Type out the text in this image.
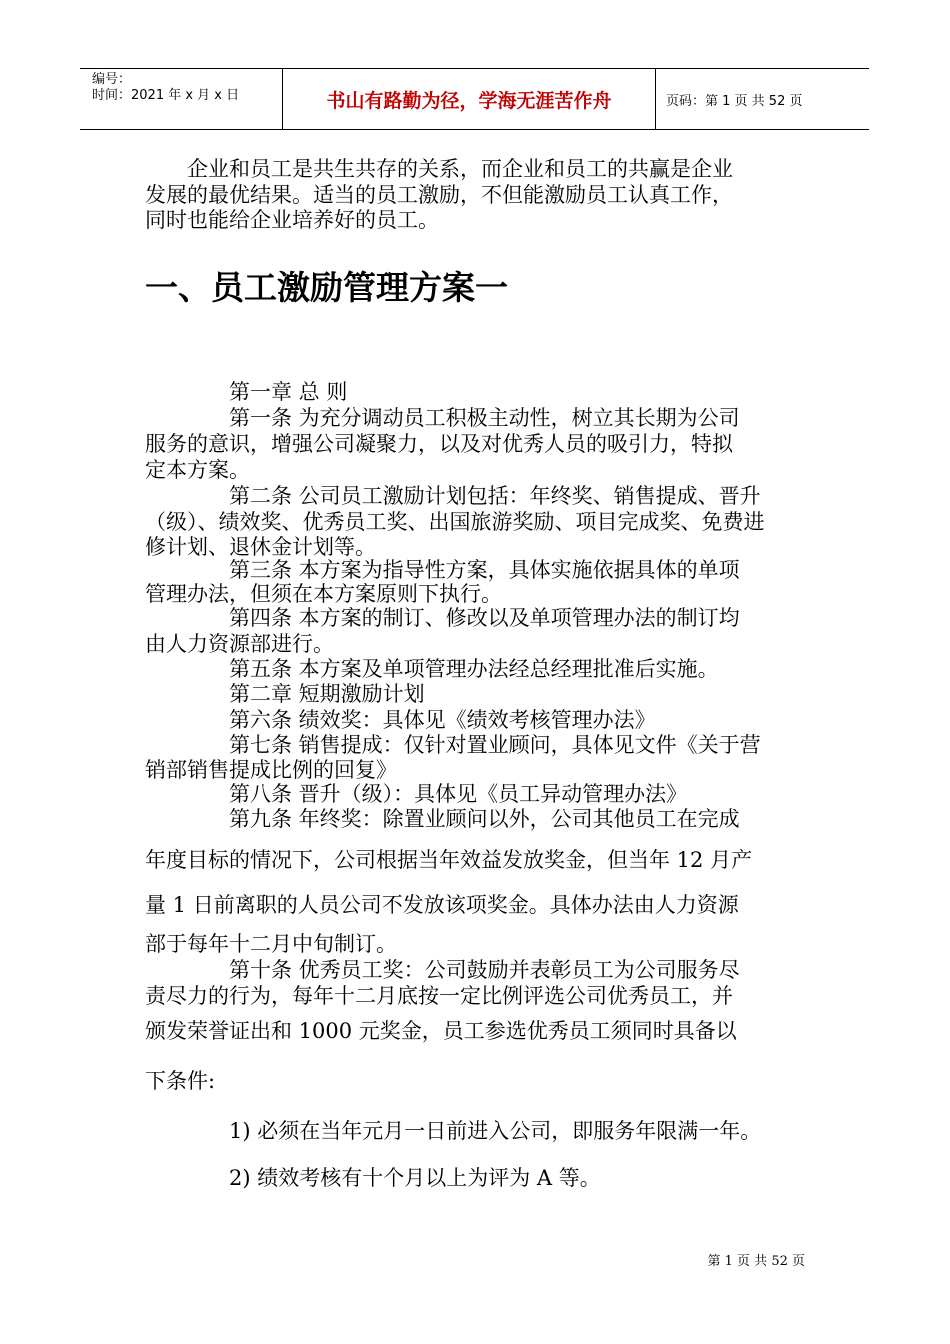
编号：
时间：2021 年 x 月 x 日	书山有路勤为径，学海无涯苦作舟	页码：第 1 页 共 52 页
　　企业和员工是共生共存的关系，而企业和员工的共赢是企业
发展的最优结果。适当的员工激励，不但能激励员工认真工作，
同时也能给企业培养好的员工。
一、员工激励管理方案一
　　　　第一章 总 则
　　　　第一条 为充分调动员工积极主动性，树立其长期为公司
服务的意识，增强公司凝聚力，以及对优秀人员的吸引力，特拟
定本方案。
　　　　第二条 公司员工激励计划包括：年终奖、销售提成、晋升
（级）、绩效奖、优秀员工奖、出国旅游奖励、项目完成奖、免费进
修计划、退休金计划等。
　　　　第三条 本方案为指导性方案，具体实施依据具体的单项
管理办法，但须在本方案原则下执行。
　　　　第四条 本方案的制订、修改以及单项管理办法的制订均
由人力资源部进行。
　　　　第五条 本方案及单项管理办法经总经理批准后实施。
　　　　第二章 短期激励计划
　　　　第六条 绩效奖：具体见《绩效考核管理办法》
　　　　第七条 销售提成：仅针对置业顾问，具体见文件《关于营
销部销售提成比例的回复》
　　　　第八条 晋升（级）：具体见《员工异动管理办法》
　　　　第九条 年终奖：除置业顾问以外，公司其他员工在完成
年度目标的情况下，公司根据当年效益发放奖金，但当年 12 月产
量 1 日前离职的人员公司不发放该项奖金。具体办法由人力资源
部于每年十二月中旬制订。
　　　　第十条 优秀员工奖：公司鼓励并表彰员工为公司服务尽
责尽力的行为，每年十二月底按一定比例评选公司优秀员工，并
颁发荣誉证出和 1000 元奖金，员工参选优秀员工须同时具备以
下条件:
　　　　1) 必须在当年元月一日前进入公司，即服务年限满一年。
　　　　2) 绩效考核有十个月以上为评为 A 等。
第 1 页 共 52 页
